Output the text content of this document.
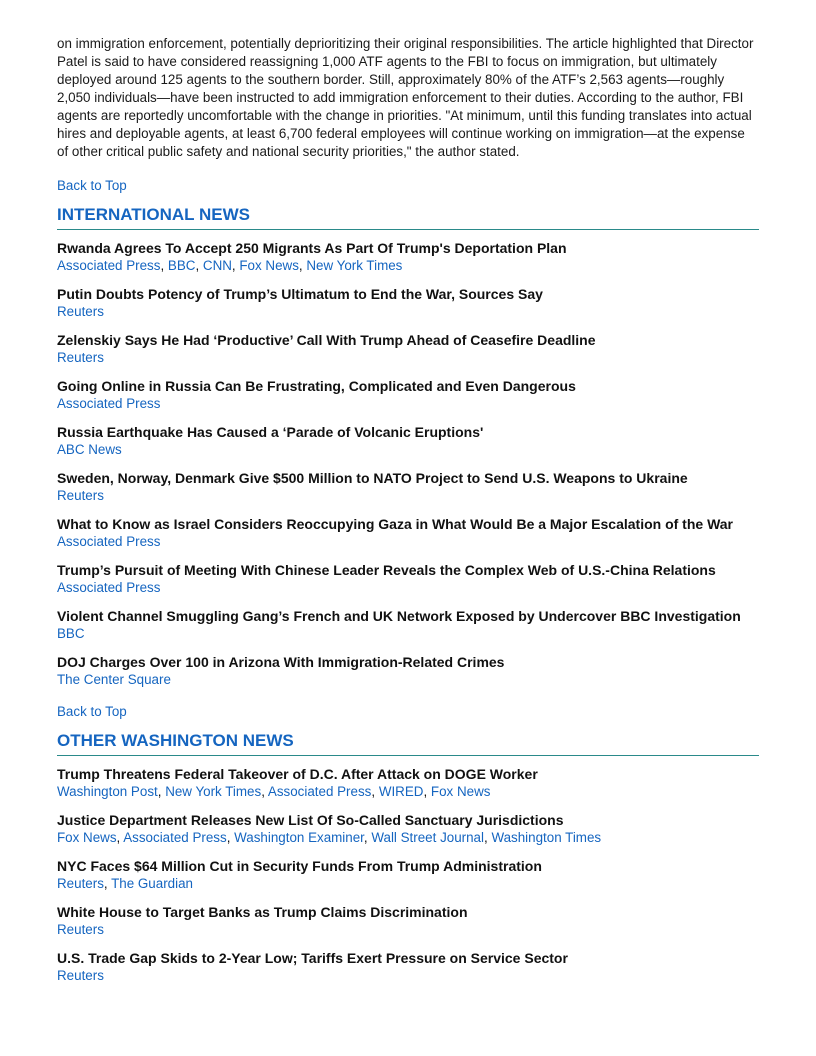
on immigration enforcement, potentially deprioritizing their original responsibilities. The article highlighted that Director Patel is said to have considered reassigning 1,000 ATF agents to the FBI to focus on immigration, but ultimately deployed around 125 agents to the southern border. Still, approximately 80% of the ATF’s 2,563 agents—roughly 2,050 individuals—have been instructed to add immigration enforcement to their duties. According to the author, FBI agents are reportedly uncomfortable with the change in priorities. "At minimum, until this funding translates into actual hires and deployable agents, at least 6,700 federal employees will continue working on immigration—at the expense of other critical public safety and national security priorities," the author stated.

Back to Top
INTERNATIONAL NEWS
Rwanda Agrees To Accept 250 Migrants As Part Of Trump's Deportation Plan
Associated Press, BBC, CNN, Fox News, New York Times
Putin Doubts Potency of Trump’s Ultimatum to End the War, Sources Say
Reuters
Zelenskiy Says He Had ‘Productive’ Call With Trump Ahead of Ceasefire Deadline
Reuters
Going Online in Russia Can Be Frustrating, Complicated and Even Dangerous
Associated Press
Russia Earthquake Has Caused a ‘Parade of Volcanic Eruptions'
ABC News
Sweden, Norway, Denmark Give $500 Million to NATO Project to Send U.S. Weapons to Ukraine
Reuters
What to Know as Israel Considers Reoccupying Gaza in What Would Be a Major Escalation of the War
Associated Press
Trump’s Pursuit of Meeting With Chinese Leader Reveals the Complex Web of U.S.-China Relations
Associated Press
Violent Channel Smuggling Gang’s French and UK Network Exposed by Undercover BBC Investigation
BBC
DOJ Charges Over 100 in Arizona With Immigration-Related Crimes
The Center Square
Back to Top
OTHER WASHINGTON NEWS
Trump Threatens Federal Takeover of D.C. After Attack on DOGE Worker
Washington Post, New York Times, Associated Press, WIRED, Fox News
Justice Department Releases New List Of So-Called Sanctuary Jurisdictions
Fox News, Associated Press, Washington Examiner, Wall Street Journal, Washington Times
NYC Faces $64 Million Cut in Security Funds From Trump Administration
Reuters, The Guardian
White House to Target Banks as Trump Claims Discrimination
Reuters
U.S. Trade Gap Skids to 2-Year Low; Tariffs Exert Pressure on Service Sector
Reuters
